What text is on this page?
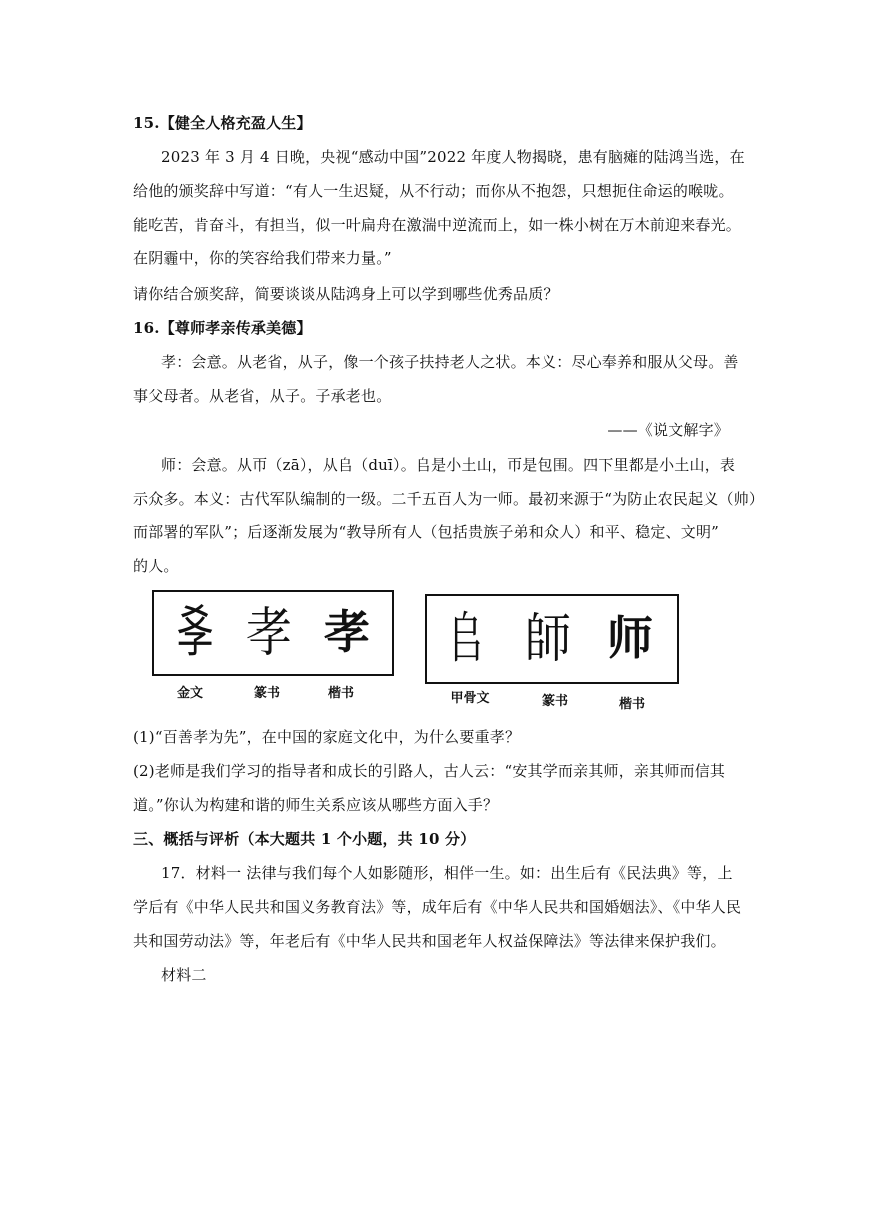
15.【健全人格充盈人生】
2023 年 3 月 4 日晚，央视“感动中国”2022 年度人物揭晓，患有脑瘫的陆鸿当选，在
给他的颁奖辞中写道：“有人一生迟疑，从不行动；而你从不抱怨，只想扼住命运的喉咙。
能吃苦，肯奋斗，有担当，似一叶扁舟在激湍中逆流而上，如一株小树在万木前迎来春光。
在阴霾中，你的笑容给我们带来力量。”
请你结合颁奖辞，简要谈谈从陆鸿身上可以学到哪些优秀品质？
16.【尊师孝亲传承美德】
孝：会意。从老省，从子，像一个孩子扶持老人之状。本义：尽心奉养和服从父母。善
事父母者。从老省，从子。子承老也。
——《说文解字》
师：会意。从帀（zā），从𠂤（duī）。𠂤是小土山，帀是包围。四下里都是小土山，表
示众多。本义：古代军队编制的一级。二千五百人为一师。最初来源于“为防止农民起义（帅）
而部署的军队”；后逐渐发展为“教导所有人（包括贵族子弟和众人）和平、稳定、文明”
的人。
𡥈 孝 孝
金文	篆书	楷书
𠂤 師 师
甲骨文	篆书	楷书
(1)“百善孝为先”，在中国的家庭文化中，为什么要重孝？
(2)老师是我们学习的指导者和成长的引路人，古人云：“安其学而亲其师，亲其师而信其
道。”你认为构建和谐的师生关系应该从哪些方面入手？
三、概括与评析（本大题共 1 个小题，共 10 分）
17．材料一 法律与我们每个人如影随形，相伴一生。如：出生后有《民法典》等，上
学后有《中华人民共和国义务教育法》等，成年后有《中华人民共和国婚姻法》、《中华人民
共和国劳动法》等，年老后有《中华人民共和国老年人权益保障法》等法律来保护我们。
材料二
